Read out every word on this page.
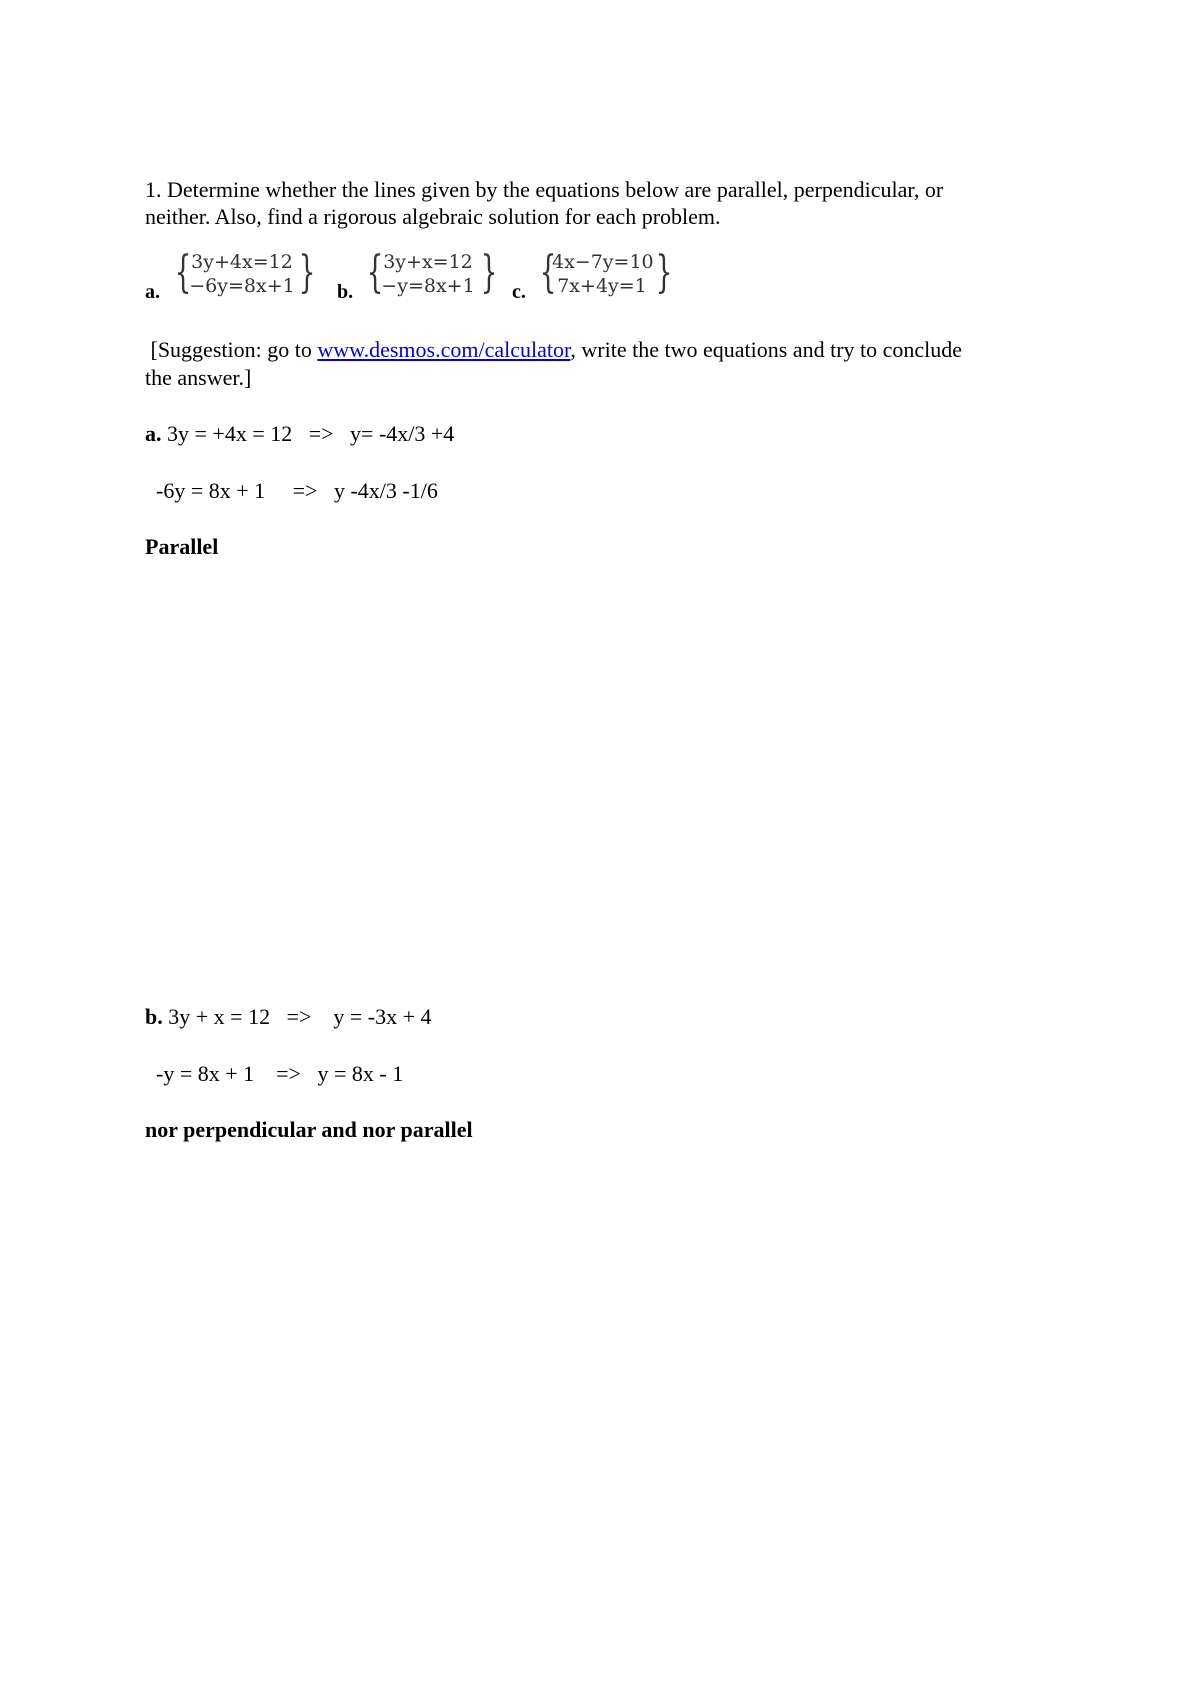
1. Determine whether the lines given by the equations below are parallel, perpendicular, or
neither. Also, find a rigorous algebraic solution for each problem.
a. { 3y+4x=12
−6y=8x+1 } b. { 3y+x=12
−y=8x+1 } c. {
4x−7y=10
7x+4y=1 }
[Suggestion: go to www.desmos.com/calculator, write the two equations and try to conclude
the answer.]
a. 3y = +4x = 12   =>   y= -4x/3 +4
-6y = 8x + 1     =>   y -4x/3 -1/6
Parallel
b. 3y + x = 12   =>    y = -3x + 4
-y = 8x + 1    =>   y = 8x - 1
nor perpendicular and nor parallel
